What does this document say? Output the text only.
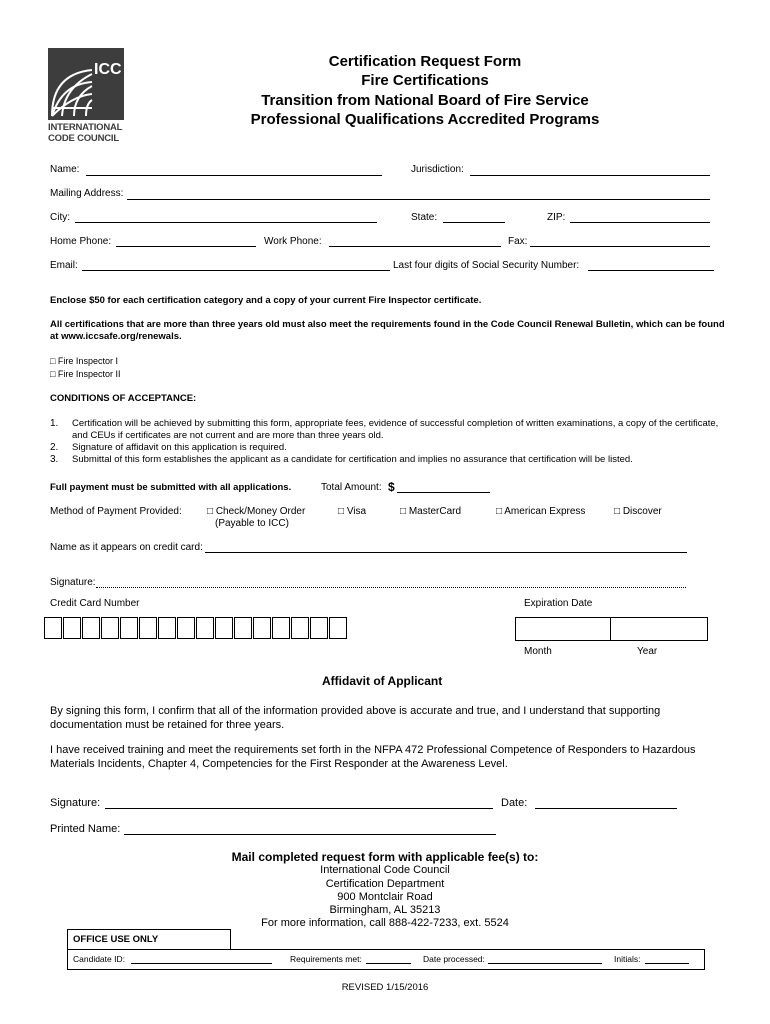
ICC
INTERNATIONAL
CODE COUNCIL
Certification Request Form
Fire Certifications
Transition from National Board of Fire Service
Professional Qualifications Accredited Programs
Name:	Jurisdiction:
Mailing Address:
City:	State:	ZIP:
Home Phone:	Work Phone:	Fax:
Email:	Last four digits of Social Security Number:
Enclose $50 for each certification category and a copy of your current Fire Inspector certificate.
All certifications that are more than three years old must also meet the requirements found in the Code Council Renewal Bulletin, which can be found at www.iccsafe.org/renewals.
□ Fire Inspector I
□ Fire Inspector II
CONDITIONS OF ACCEPTANCE:
1. Certification will be achieved by submitting this form, appropriate fees, evidence of successful completion of written examinations, a copy of the certificate, and CEUs if certificates are not current and are more than three years old.
2. Signature of affidavit on this application is required.
3. Submittal of this form establishes the applicant as a candidate for certification and implies no assurance that certification will be listed.
Full payment must be submitted with all applications.	Total Amount: $
Method of Payment Provided:	□ Check/Money Order
(Payable to ICC)
□ Visa	□ MasterCard	□ American Express	□ Discover
Name as it appears on credit card:
Signature:
Credit Card Number	Expiration Date
Month	Year
Affidavit of Applicant
By signing this form, I confirm that all of the information provided above is accurate and true, and I understand that supporting documentation must be retained for three years.
I have received training and meet the requirements set forth in the NFPA 472 Professional Competence of Responders to Hazardous Materials Incidents, Chapter 4, Competencies for the First Responder at the Awareness Level.
Signature:	Date:
Printed Name:
Mail completed request form with applicable fee(s) to:
International Code Council
Certification Department
900 Montclair Road
Birmingham, AL 35213
For more information, call 888-422-7233, ext. 5524
OFFICE USE ONLY
Candidate ID:	Requirements met:	Date processed:	Initials:
REVISED 1/15/2016
